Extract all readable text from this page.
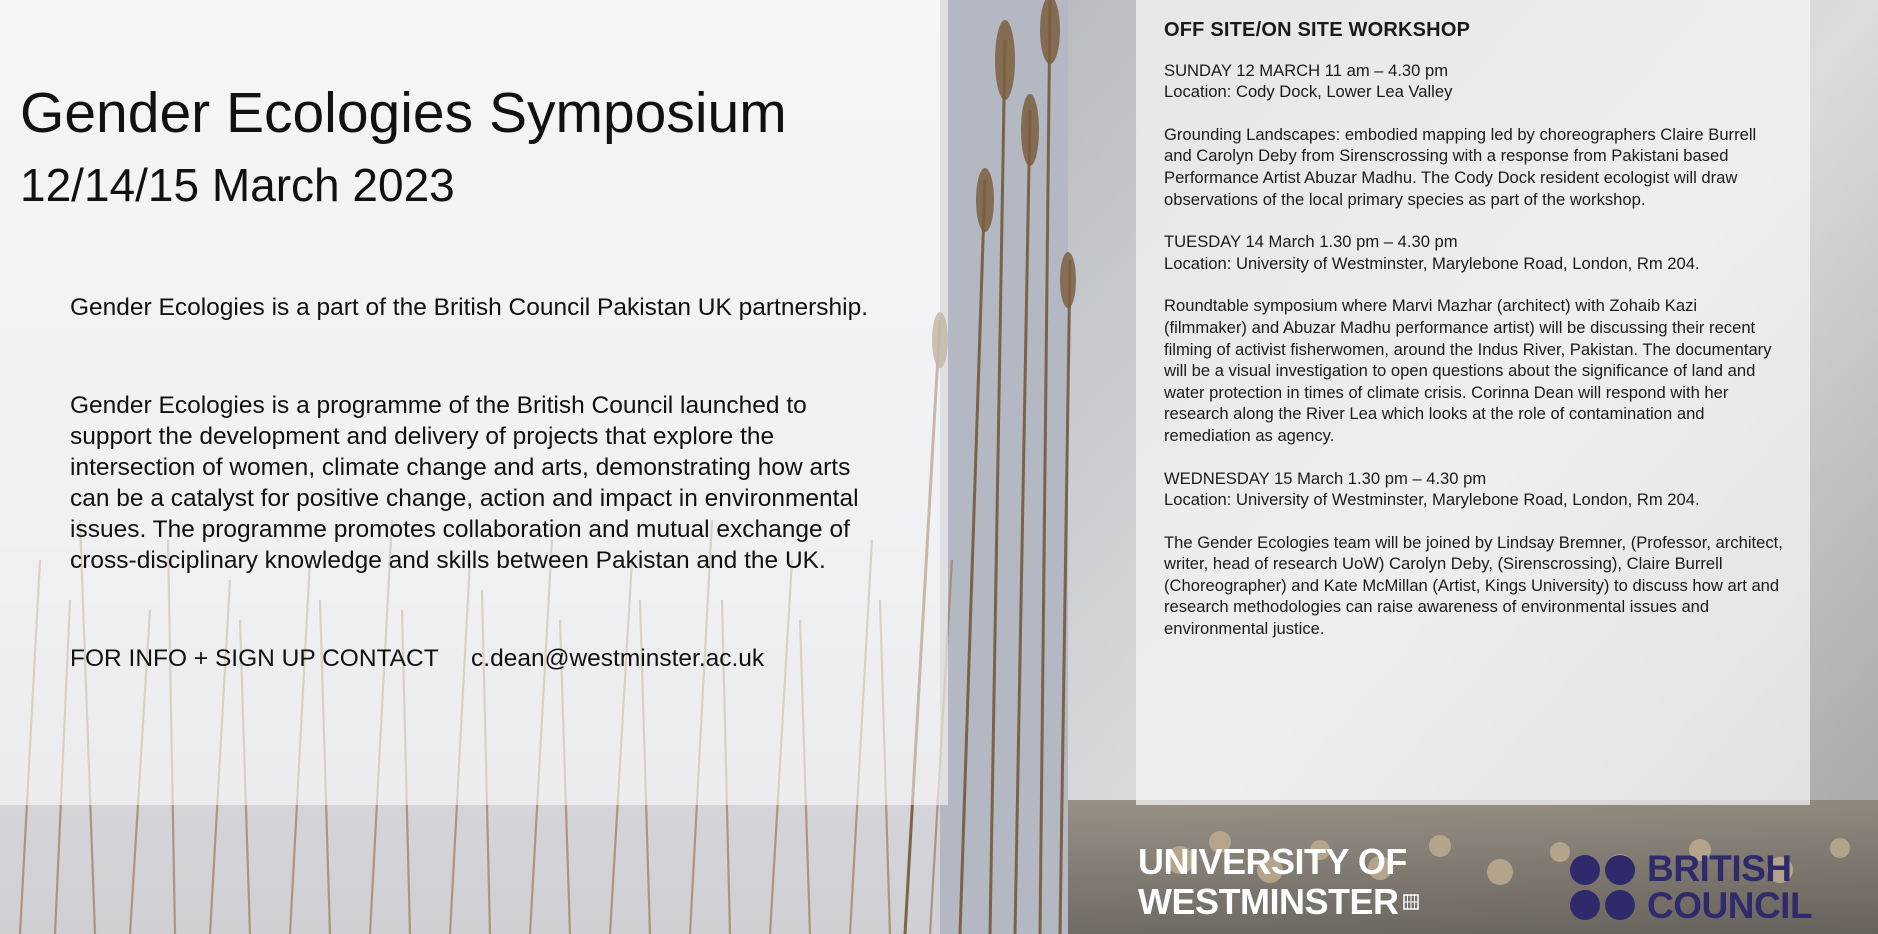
Gender Ecologies Symposium
12/14/15 March 2023
Gender Ecologies is a part of the British Council Pakistan UK partnership.
Gender Ecologies is a programme of the British Council launched to support the development and delivery of projects that explore the intersection of women, climate change and arts, demonstrating how arts can be a catalyst for positive change, action and impact in environmental issues. The programme promotes collaboration and mutual exchange of cross-disciplinary knowledge and skills between Pakistan and the UK.
FOR INFO + SIGN UP CONTACT c.dean@westminster.ac.uk
OFF SITE/ON SITE WORKSHOP
SUNDAY 12 MARCH 11 am – 4.30 pm
Location: Cody Dock, Lower Lea Valley
Grounding Landscapes: embodied mapping led by choreographers Claire Burrell and Carolyn Deby from Sirenscrossing with a response from Pakistani based Performance Artist Abuzar Madhu. The Cody Dock resident ecologist will draw observations of the local primary species as part of the workshop.
TUESDAY 14 March 1.30 pm – 4.30 pm
Location: University of Westminster, Marylebone Road, London, Rm 204.
Roundtable symposium where Marvi Mazhar (architect) with Zohaib Kazi (filmmaker) and Abuzar Madhu performance artist) will be discussing their recent filming of activist fisherwomen, around the Indus River, Pakistan. The documentary will be a visual investigation to open questions about the significance of land and water protection in times of climate crisis. Corinna Dean will respond with her research along the River Lea which looks at the role of contamination and remediation as agency.
WEDNESDAY 15 March 1.30 pm – 4.30 pm
Location: University of Westminster, Marylebone Road, London, Rm 204.
The Gender Ecologies team will be joined by Lindsay Bremner, (Professor, architect, writer, head of research UoW) Carolyn Deby, (Sirenscrossing), Claire Burrell (Choreographer) and Kate McMillan (Artist, Kings University) to discuss how art and research methodologies can raise awareness of environmental issues and environmental justice.
UNIVERSITY OF
WESTMINSTER
BRITISH
COUNCIL
